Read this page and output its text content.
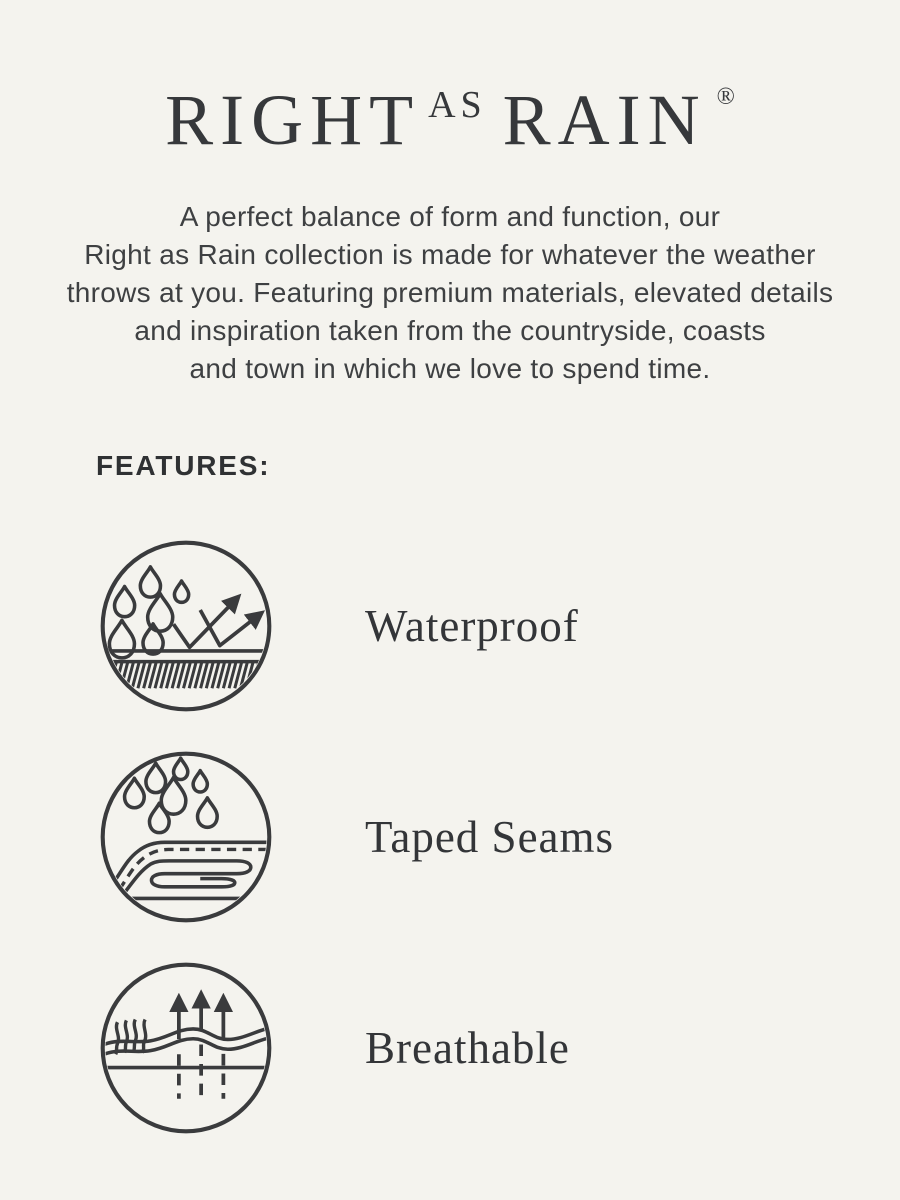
RIGHT $^{AS}$ RAIN ®
A perfect balance of form and function, our
Right as Rain collection is made for whatever the weather
throws at you. Featuring premium materials, elevated details
and inspiration taken from the countryside, coasts
and town in which we love to spend time.
FEATURES:
Waterproof
Taped Seams
Breathable
